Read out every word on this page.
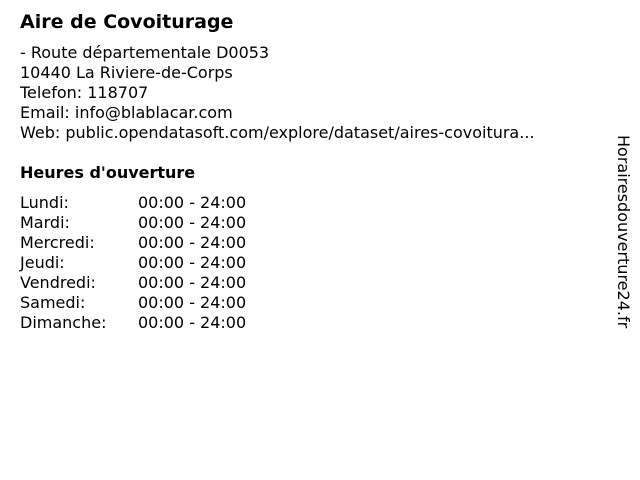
Aire de Covoiturage
- Route départementale D0053
10440 La Riviere-de-Corps
Telefon: 118707
Email: info@blablacar.com
Web: public.opendatasoft.com/explore/dataset/aires-covoitura...
Heures d'ouverture
Lundi:	00:00 - 24:00
Mardi:	00:00 - 24:00
Mercredi:	00:00 - 24:00
Jeudi:	00:00 - 24:00
Vendredi:	00:00 - 24:00
Samedi:	00:00 - 24:00
Dimanche:	00:00 - 24:00	Horairesdouverture24.fr
